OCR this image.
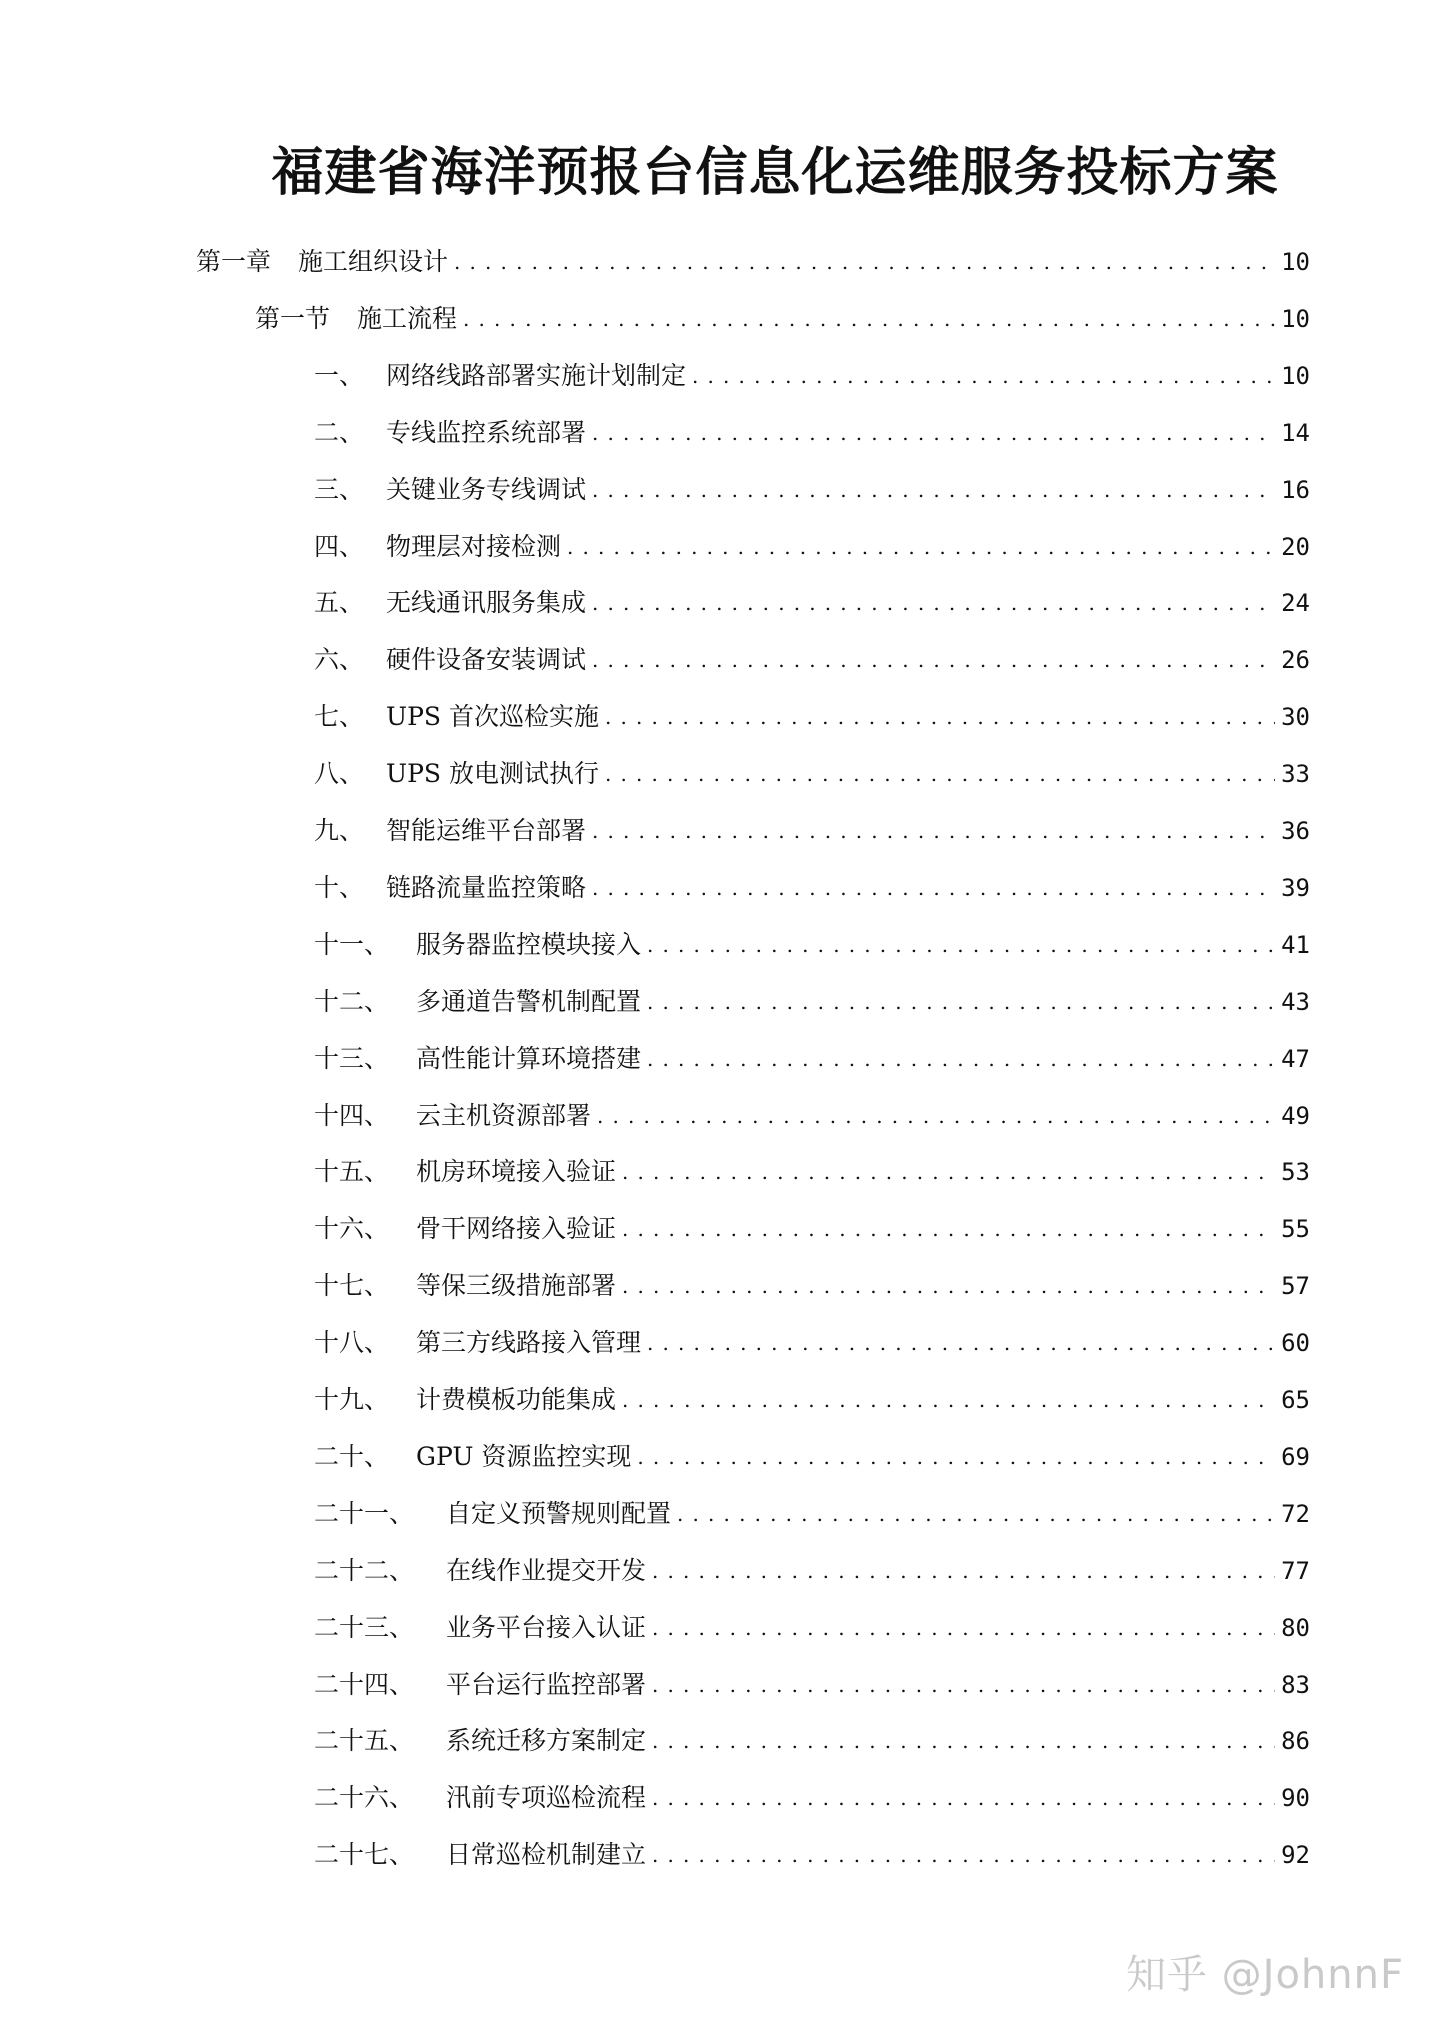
福建省海洋预报台信息化运维服务投标方案
第一章	施工组织设计 . . .	10
第一节	施工流程 . . .	10
一、 网络线路部署实施计划制定 . . .	10
二、 专线监控系统部署 . . .	14
三、 关键业务专线调试 . . .	16
四、 物理层对接检测 . . .	20
五、 无线通讯服务集成 . . .	24
六、 硬件设备安装调试 . . .	26
七、 UPS 首次巡检实施 . . .	30
八、 UPS 放电测试执行 . . .	33
九、 智能运维平台部署 . . .	36
十、 链路流量监控策略 . . .	39
十一、	服务器监控模块接入 . . .	41
十二、	多通道告警机制配置 . . .	43
十三、	高性能计算环境搭建 . . .	47
十四、	云主机资源部署 . . .	49
十五、	机房环境接入验证 . . .	53
十六、	骨干网络接入验证 . . .	55
十七、	等保三级措施部署 . . .	57
十八、	第三方线路接入管理 . . .	60
十九、	计费模板功能集成 . . .	65
二十、	GPU 资源监控实现 . . .	69
二十一、	自定义预警规则配置 . . .	72
二十二、	在线作业提交开发 . . .	77
二十三、	业务平台接入认证 . . .	80
二十四、	平台运行监控部署 . . .	83
二十五、	系统迁移方案制定 . . .	86
二十六、	汛前专项巡检流程 . . .	90
二十七、	日常巡检机制建立 . . .	92
知乎 @JohnnF
